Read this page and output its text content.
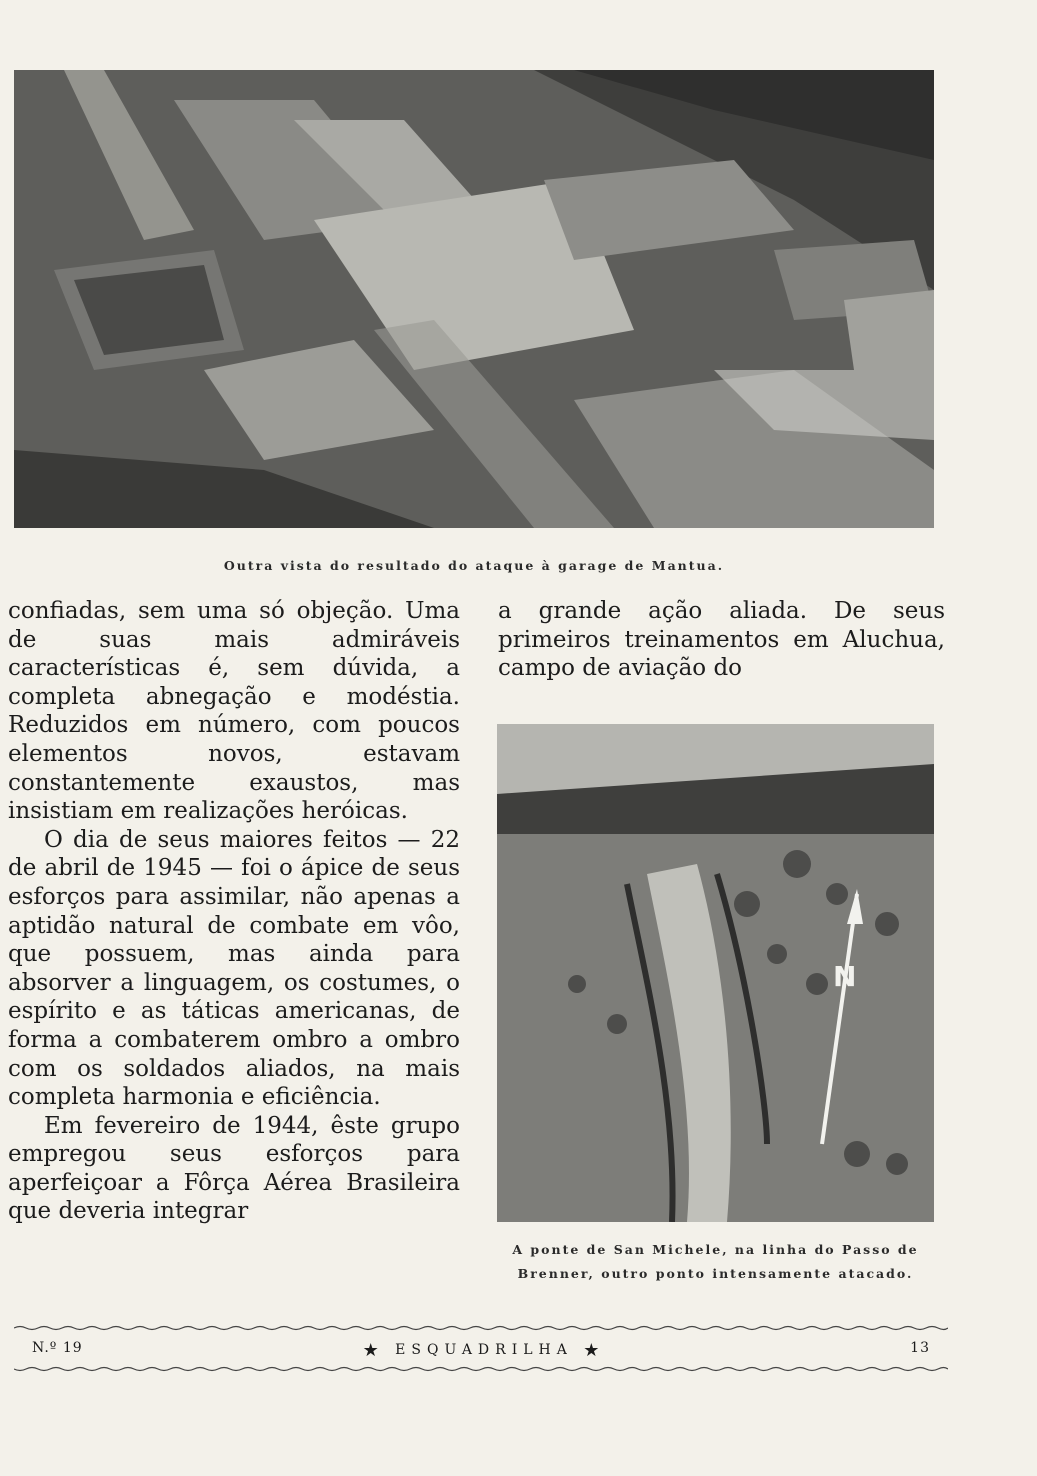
Outra vista do resultado do ataque à garage de Mantua.

confiadas, sem uma só objeção. Uma de suas mais admiráveis características é, sem dúvida, a completa abnegação e modéstia. Reduzidos em número, com poucos elementos novos, estavam constantemente exaustos, mas insistiam em realizações heróicas.

O dia de seus maiores feitos — 22 de abril de 1945 — foi o ápice de seus esforços para assimilar, não apenas a aptidão natural de combate em vôo, que possuem, mas ainda para absorver a linguagem, os costumes, o espírito e as táticas americanas, de forma a combaterem ombro a ombro com os soldados aliados, na mais completa harmonia e eficiência.

Em fevereiro de 1944, êste grupo empregou seus esforços para aperfeiçoar a Fôrça Aérea Brasileira que deveria integrar

a grande ação aliada. De seus primeiros treinamentos em Aluchua, campo de aviação do

N
A ponte de San Michele, na linha do Passo de Brenner, outro ponto intensamente atacado.
N.º 19	★ ESQUADRILHA ★	13
